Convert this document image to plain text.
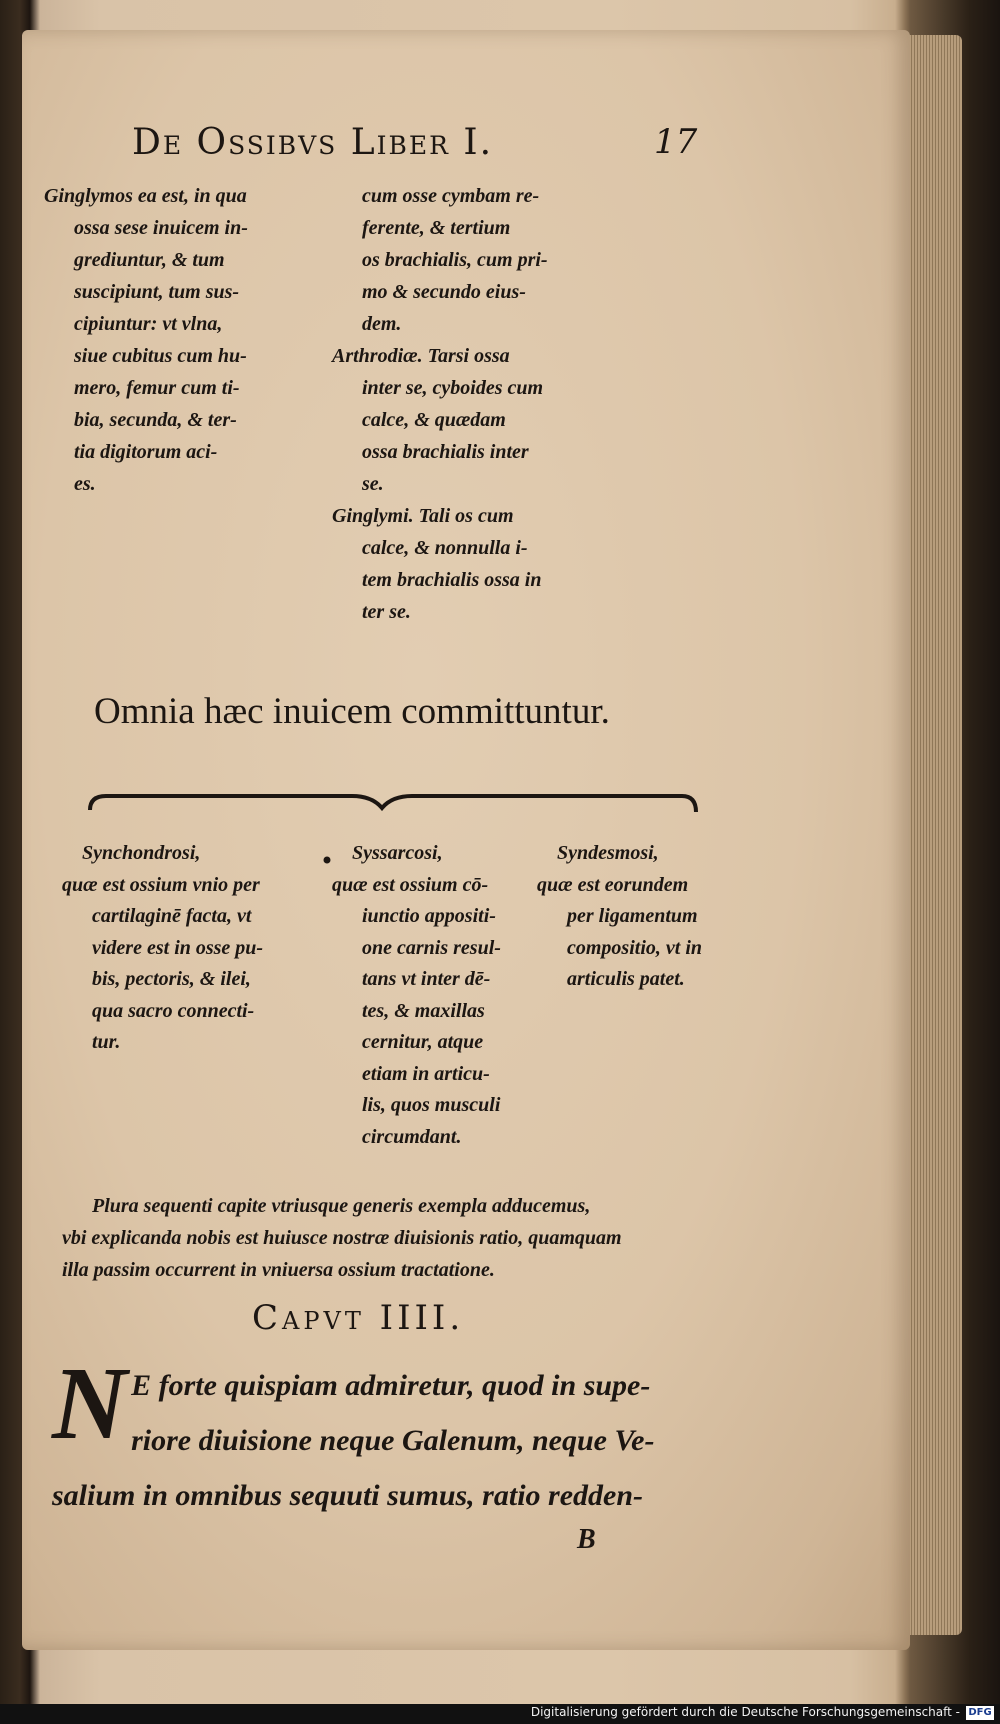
De Ossibvs Liber I.	17
Ginglymos ea est, in qua
ossa sese inuicem in-
grediuntur, & tum
suscipiunt, tum sus-
cipiuntur: vt vlna,
siue cubitus cum hu-
mero, femur cum ti-
bia, secunda, & ter-
tia digitorum aci-
es.
cum osse cymbam re-
ferente, & tertium
os brachialis, cum pri-
mo & secundo eius-
dem.
Arthrodiæ. Tarsi ossa
inter se, cyboides cum
calce, & quædam
ossa brachialis inter
se.
Ginglymi. Tali os cum
calce, & nonnulla i-
tem brachialis ossa in
ter se.
Omnia hæc inuicem committuntur.
Synchondrosi,
quæ est ossium vnio per
cartilaginē facta, vt
videre est in osse pu-
bis, pectoris, & ilei,
qua sacro connecti-
tur.
Syssarcosi,
quæ est ossium cō-
iunctio appositi-
one carnis resul-
tans vt inter dē-
tes, & maxillas
cernitur, atque
etiam in articu-
lis, quos musculi
circumdant.
Syndesmosi,
quæ est eorundem
per ligamentum
compositio, vt in
articulis patet.
Plura sequenti capite vtriusque generis exempla adducemus,
vbi explicanda nobis est huiusce nostræ diuisionis ratio, quamquam
illa passim occurrent in vniuersa ossium tractatione.
Capvt IIII.
N E forte quispiam admiretur, quod in supe-
riore diuisione neque Galenum, neque Ve-
salium in omnibus sequuti sumus, ratio redden-
B
Digitalisierung gefördert durch die Deutsche Forschungsgemeinschaft - DFG
